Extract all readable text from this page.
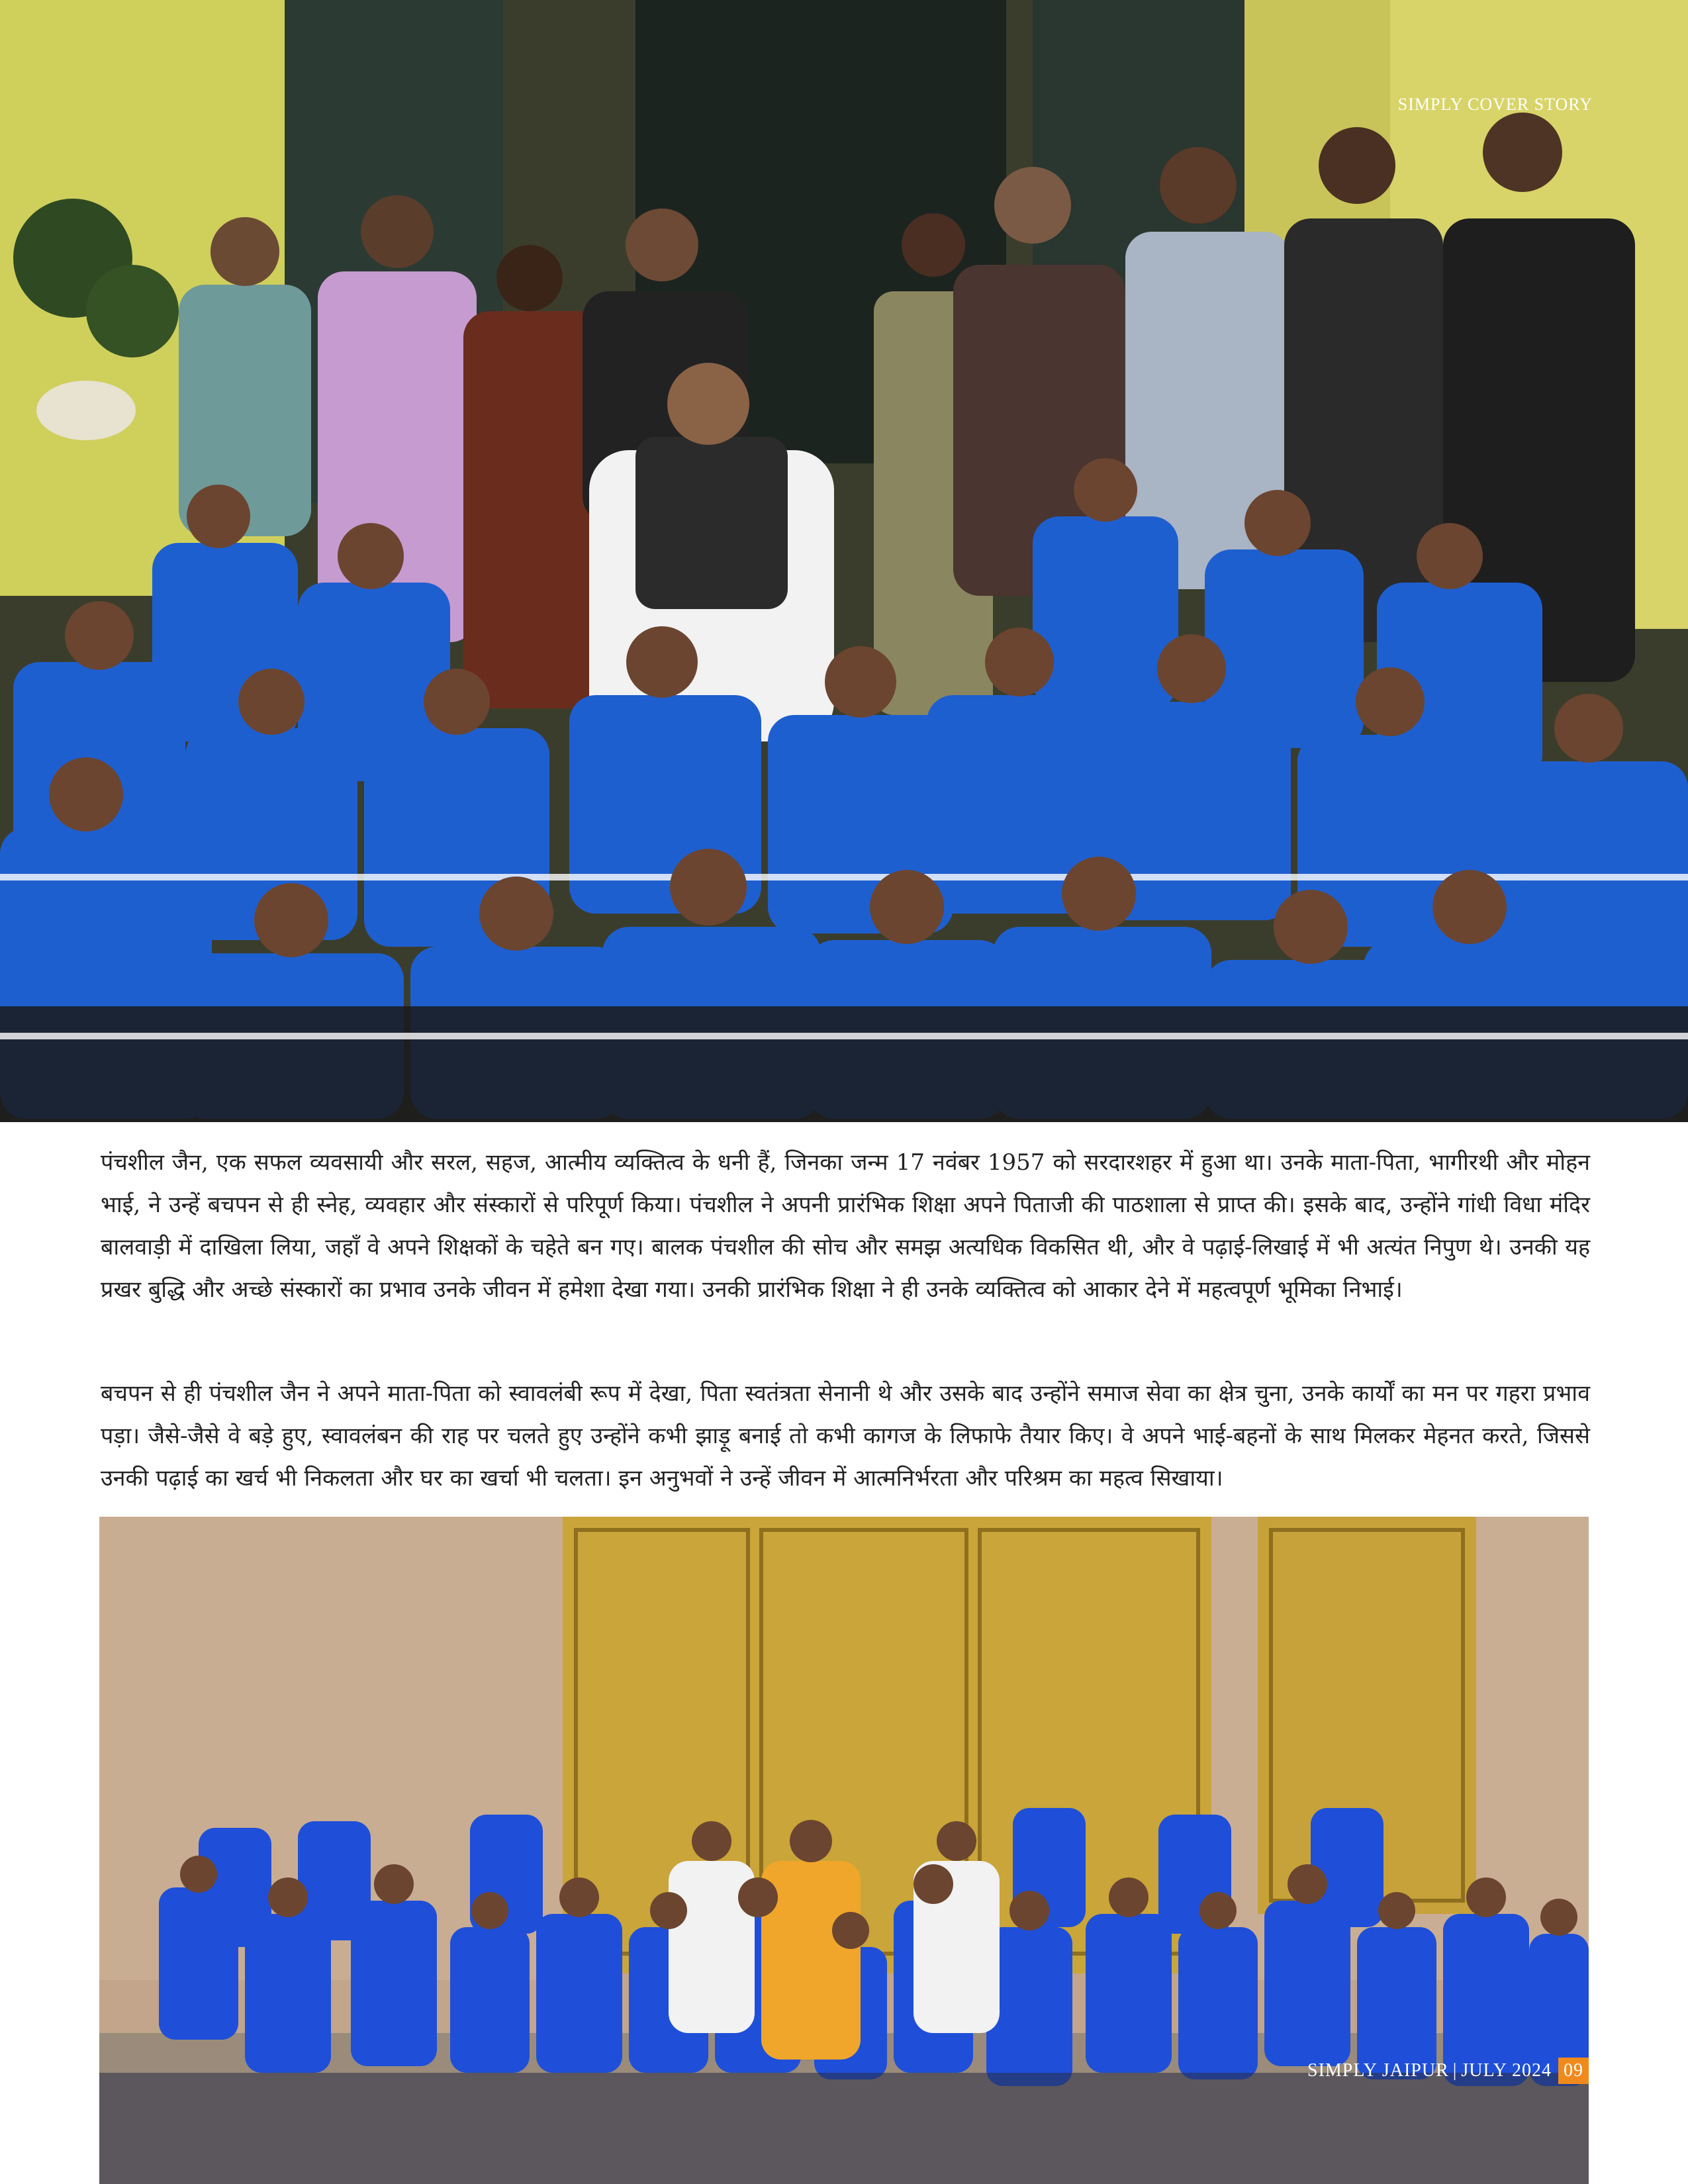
SIMPLY COVER STORY

पंचशील जैन, एक सफल व्यवसायी और सरल, सहज, आत्मीय व्यक्तित्व के धनी हैं, जिनका जन्म 17 नवंबर 1957 को सरदारशहर में हुआ था। उनके माता-पिता, भागीरथी और मोहन भाई, ने उन्हें बचपन से ही स्नेह, व्यवहार और संस्कारों से परिपूर्ण किया। पंचशील ने अपनी प्रारंभिक शिक्षा अपने पिताजी की पाठशाला से प्राप्त की। इसके बाद, उन्होंने गांधी विधा मंदिर बालवाड़ी में दाखिला लिया, जहाँ वे अपने शिक्षकों के चहेते बन गए। बालक पंचशील की सोच और समझ अत्यधिक विकसित थी, और वे पढ़ाई-लिखाई में भी अत्यंत निपुण थे। उनकी यह प्रखर बुद्धि और अच्छे संस्कारों का प्रभाव उनके जीवन में हमेशा देखा गया। उनकी प्रारंभिक शिक्षा ने ही उनके व्यक्तित्व को आकार देने में महत्वपूर्ण भूमिका निभाई।

बचपन से ही पंचशील जैन ने अपने माता-पिता को स्वावलंबी रूप में देखा, पिता स्वतंत्रता सेनानी थे और उसके बाद उन्होंने समाज सेवा का क्षेत्र चुना, उनके कार्यों का मन पर गहरा प्रभाव पड़ा। जैसे-जैसे वे बड़े हुए, स्वावलंबन की राह पर चलते हुए उन्होंने कभी झाड़ू बनाई तो कभी कागज के लिफाफे तैयार किए। वे अपने भाई-बहनों के साथ मिलकर मेहनत करते, जिससे उनकी पढ़ाई का खर्च भी निकलता और घर का खर्चा भी चलता। इन अनुभवों ने उन्हें जीवन में आत्मनिर्भरता और परिश्रम का महत्व सिखाया।

SIMPLY JAIPUR | JULY 2024 09
